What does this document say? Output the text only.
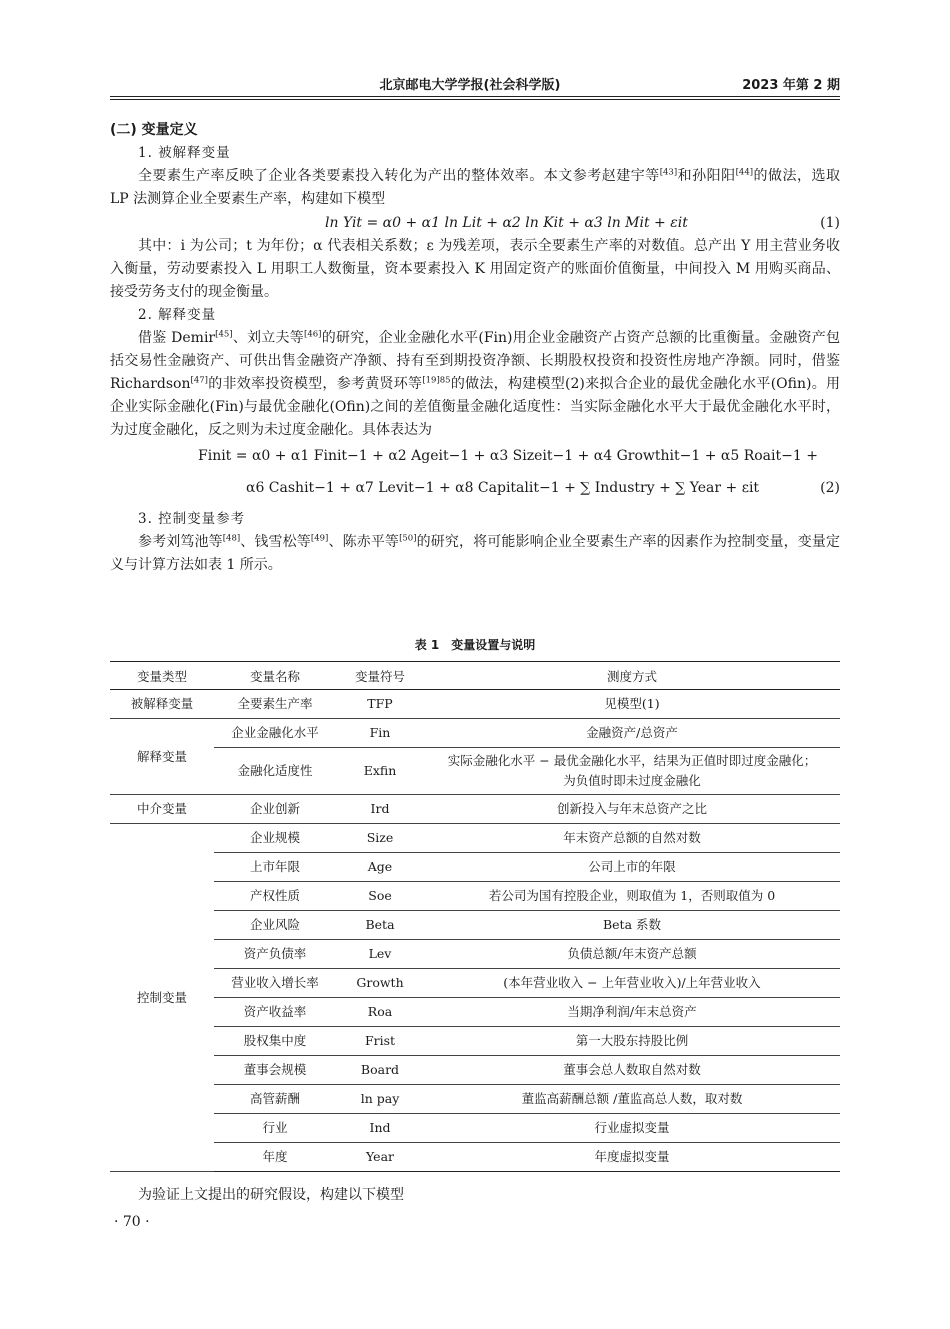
北京邮电大学学报(社会科学版)	2023 年第 2 期
(二) 变量定义
1. 被解释变量
全要素生产率反映了企业各类要素投入转化为产出的整体效率。本文参考赵建宇等[43]和孙阳阳[44]的做法，选取 LP 法测算企业全要素生产率，构建如下模型
ln Yit = α0 + α1 ln Lit + α2 ln Kit + α3 ln Mit + εit	(1)
其中：i 为公司；t 为年份；α 代表相关系数；ε 为残差项，表示全要素生产率的对数值。总产出 Y 用主营业务收入衡量，劳动要素投入 L 用职工人数衡量，资本要素投入 K 用固定资产的账面价值衡量，中间投入 M 用购买商品、接受劳务支付的现金衡量。
2. 解释变量
借鉴 Demir[45]、刘立夫等[46]的研究，企业金融化水平(Fin)用企业金融资产占资产总额的比重衡量。金融资产包括交易性金融资产、可供出售金融资产净额、持有至到期投资净额、长期股权投资和投资性房地产净额。同时，借鉴 Richardson[47]的非效率投资模型，参考黄贤环等$^{[19]85}$的做法，构建模型(2)来拟合企业的最优金融化水平(Ofin)。用企业实际金融化(Fin)与最优金融化(Ofin)之间的差值衡量金融化适度性：当实际金融化水平大于最优金融化水平时，为过度金融化，反之则为未过度金融化。具体表达为
Finit = α0 + α1 Finit−1 + α2 Ageit−1 + α3 Sizeit−1 + α4 Growthit−1 + α5 Roait−1 +
α6 Cashit−1 + α7 Levit−1 + α8 Capitalit−1 + ∑ Industry + ∑ Year + εit	(2)
3. 控制变量参考
参考刘笃池等[48]、钱雪松等[49]、陈赤平等[50]的研究，将可能影响企业全要素生产率的因素作为控制变量，变量定义与计算方法如表 1 所示。
表 1　变量设置与说明
变量类型	变量名称	变量符号	测度方式
被解释变量	全要素生产率	TFP	见模型(1)
解释变量	企业金融化水平	Fin	金融资产/总资产
	金融化适度性	Exfin	实际金融化水平 − 最优金融化水平，结果为正值时即过度金融化；
为负值时即未过度金融化

中介变量	企业创新	Ird	创新投入与年末总资产之比
控制变量	企业规模	Size	年末资产总额的自然对数
	上市年限	Age	公司上市的年限
	产权性质	Soe	若公司为国有控股企业，则取值为 1，否则取值为 0
	企业风险	Beta	Beta 系数
	资产负债率	Lev	负债总额/年末资产总额
	营业收入增长率	Growth	(本年营业收入 − 上年营业收入)/上年营业收入
	资产收益率	Roa	当期净利润/年末总资产
	股权集中度	Frist	第一大股东持股比例
	董事会规模	Board	董事会总人数取自然对数
	高管薪酬	ln pay	董监高薪酬总额 /董监高总人数，取对数
	行业	Ind	行业虚拟变量
	年度	Year	年度虚拟变量
为验证上文提出的研究假设，构建以下模型
· 70 ·
